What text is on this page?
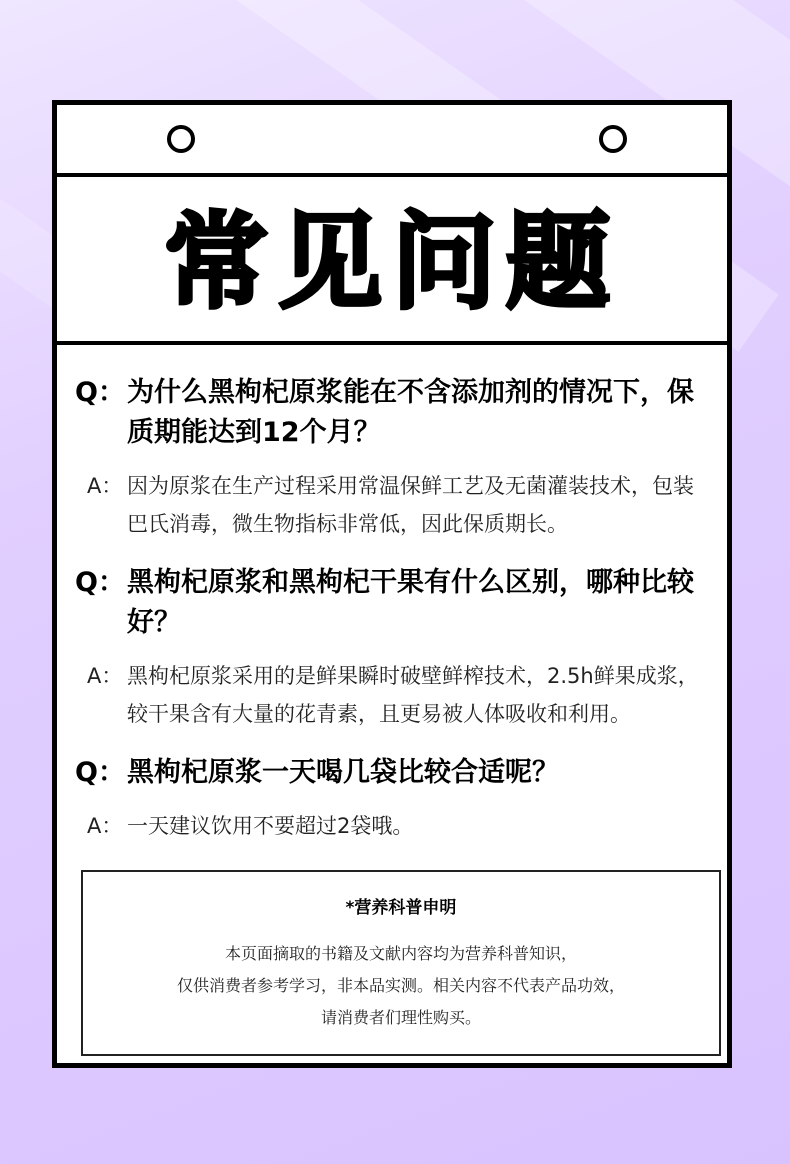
常见问题
Q： 为什么黑枸杞原浆能在不含添加剂的情况下，保质期能达到12个月？
A： 因为原浆在生产过程采用常温保鲜工艺及无菌灌装技术，包装巴氏消毒，微生物指标非常低，因此保质期长。
Q： 黑枸杞原浆和黑枸杞干果有什么区别，哪种比较好？
A： 黑枸杞原浆采用的是鲜果瞬时破壁鲜榨技术，2.5h鲜果成浆，较干果含有大量的花青素，且更易被人体吸收和利用。
Q： 黑枸杞原浆一天喝几袋比较合适呢？
A： 一天建议饮用不要超过2袋哦。
*营养科普申明
本页面摘取的书籍及文献内容均为营养科普知识，
仅供消费者参考学习，非本品实测。相关内容不代表产品功效，
请消费者们理性购买。
